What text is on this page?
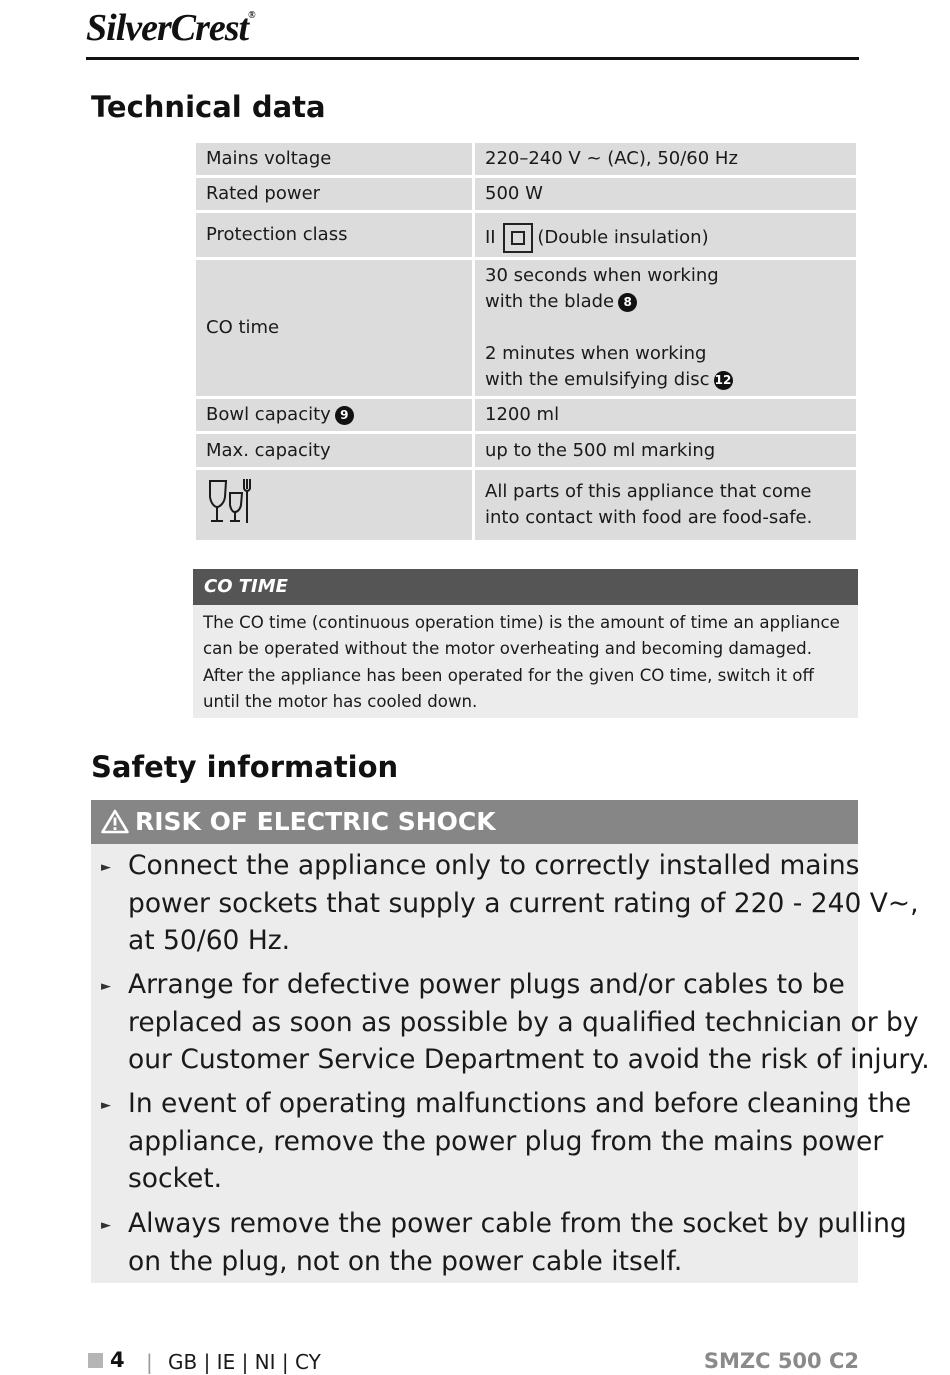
SilverCrest®
Technical data
Mains voltage	220–240 V ~ (AC), 50/60 Hz
Rated power	500 W
Protection class	II (Double insulation)
CO time	30 seconds when working
with the blade 8
2 minutes when working
with the emulsifying disc 12

Bowl capacity 9	1200 ml
Max. capacity	up to the 500 ml marking

All parts of this appliance that come
into contact with food are food-safe.
CO TIME
The CO time (continuous operation time) is the amount of time an appliance
can be operated without the motor overheating and becoming damaged.
After the appliance has been operated for the given CO time, switch it off
until the motor has cooled down.
Safety information
RISK OF ELECTRIC SHOCK
► Connect the appliance only to correctly installed mains
power sockets that supply a current rating of 220 - 240 V~,
at 50/60 Hz.
► Arrange for defective power plugs and/or cables to be
replaced as soon as possible by a qualified technician or by
our Customer Service Department to avoid the risk of injury.
► In event of operating malfunctions and before cleaning the
appliance, remove the power plug from the mains power
socket.
► Always remove the power cable from the socket by pulling
on the plug, not on the power cable itself.
4 | GB | IE | NI | CY	SMZC 500 C2
